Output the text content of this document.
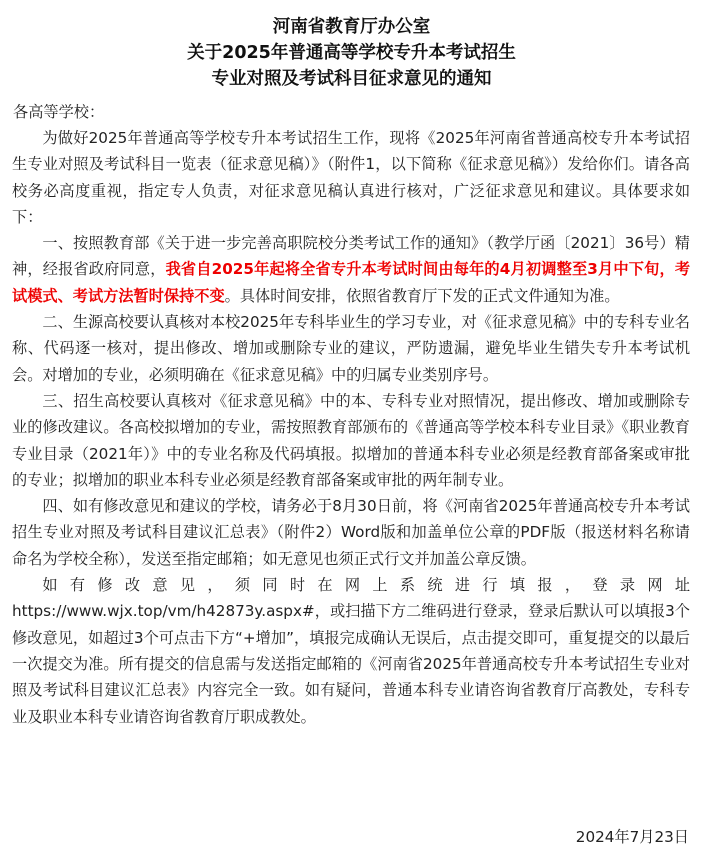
河南省教育厅办公室
关于2025年普通高等学校专升本考试招生
专业对照及考试科目征求意见的通知
各高等学校：

为做好2025年普通高等学校专升本考试招生工作，现将《2025年河南省普通高校专升本考试招生专业对照及考试科目一览表（征求意见稿）》（附件1，以下简称《征求意见稿》）发给你们。请各高校务必高度重视，指定专人负责，对征求意见稿认真进行核对，广泛征求意见和建议。具体要求如下：

一、按照教育部《关于进一步完善高职院校分类考试工作的通知》（教学厅函〔2021〕36号）精神，经报省政府同意，我省自2025年起将全省专升本考试时间由每年的4月初调整至3月中下旬，考试模式、考试方法暂时保持不变。具体时间安排，依照省教育厅下发的正式文件通知为准。

二、生源高校要认真核对本校2025年专科毕业生的学习专业，对《征求意见稿》中的专科专业名称、代码逐一核对，提出修改、增加或删除专业的建议，严防遗漏，避免毕业生错失专升本考试机会。对增加的专业，必须明确在《征求意见稿》中的归属专业类别序号。

三、招生高校要认真核对《征求意见稿》中的本、专科专业对照情况，提出修改、增加或删除专业的修改建议。各高校拟增加的专业，需按照教育部颁布的《普通高等学校本科专业目录》《职业教育专业目录（2021年）》中的专业名称及代码填报。拟增加的普通本科专业必须是经教育部备案或审批的专业；拟增加的职业本科专业必须是经教育部备案或审批的两年制专业。

四、如有修改意见和建议的学校，请务必于8月30日前，将《河南省2025年普通高校专升本考试招生专业对照及考试科目建议汇总表》（附件2）Word版和加盖单位公章的PDF版（报送材料名称请命名为学校全称），发送至指定邮箱；如无意见也须正式行文并加盖公章反馈。

如有修改意见，须同时在网上系统进行填报，登录网址https://www.wjx.top/vm/h42873y.aspx#，或扫描下方二维码进行登录，登录后默认可以填报3个修改意见，如超过3个可点击下方“+增加”，填报完成确认无误后，点击提交即可，重复提交的以最后一次提交为准。所有提交的信息需与发送指定邮箱的《河南省2025年普通高校专升本考试招生专业对照及考试科目建议汇总表》内容完全一致。如有疑问，普通本科专业请咨询省教育厅高教处，专科专业及职业本科专业请咨询省教育厅职成教处。

2024年7月23日
